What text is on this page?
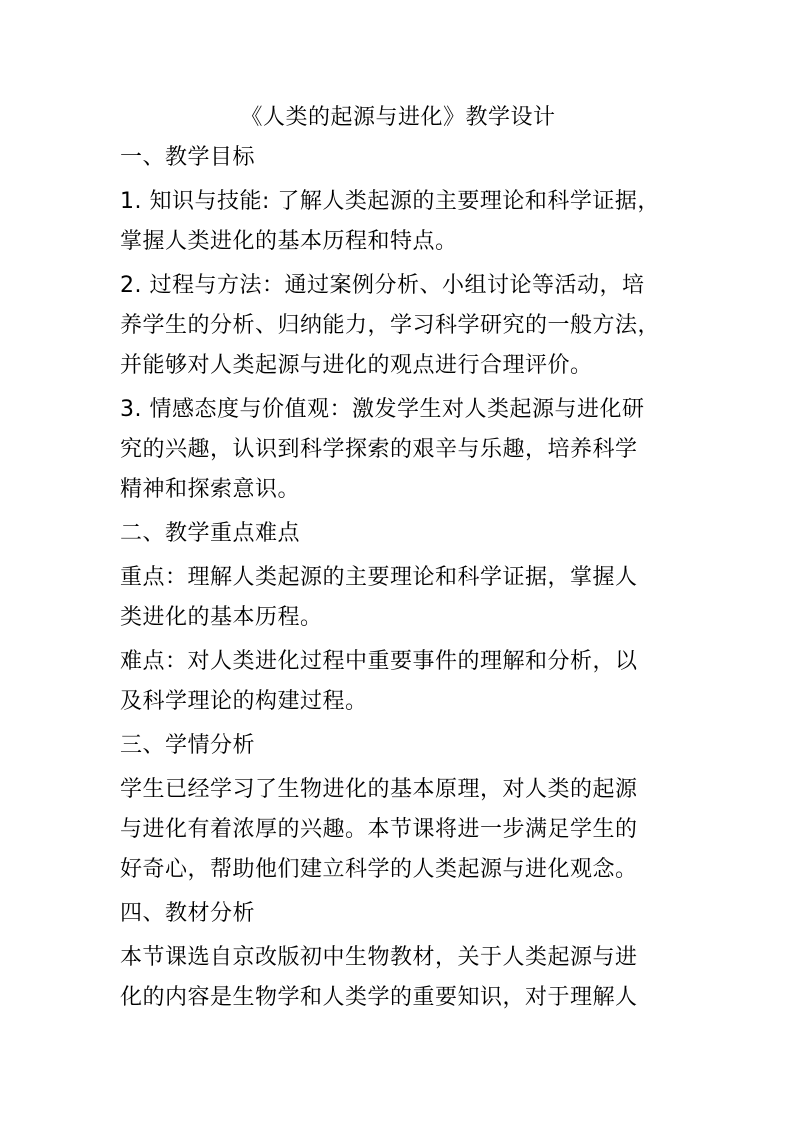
《人类的起源与进化》教学设计
一、教学目标
1. 知识与技能: 了解人类起源的主要理论和科学证据，
掌握人类进化的基本历程和特点。
2. 过程与方法：通过案例分析、小组讨论等活动，培
养学生的分析、归纳能力，学习科学研究的一般方法，
并能够对人类起源与进化的观点进行合理评价。
3. 情感态度与价值观：激发学生对人类起源与进化研
究的兴趣，认识到科学探索的艰辛与乐趣，培养科学
精神和探索意识。
二、教学重点难点
重点：理解人类起源的主要理论和科学证据，掌握人
类进化的基本历程。
难点：对人类进化过程中重要事件的理解和分析，以
及科学理论的构建过程。
三、学情分析
学生已经学习了生物进化的基本原理，对人类的起源
与进化有着浓厚的兴趣。本节课将进一步满足学生的
好奇心，帮助他们建立科学的人类起源与进化观念。
四、教材分析
本节课选自京改版初中生物教材，关于人类起源与进
化的内容是生物学和人类学的重要知识，对于理解人
